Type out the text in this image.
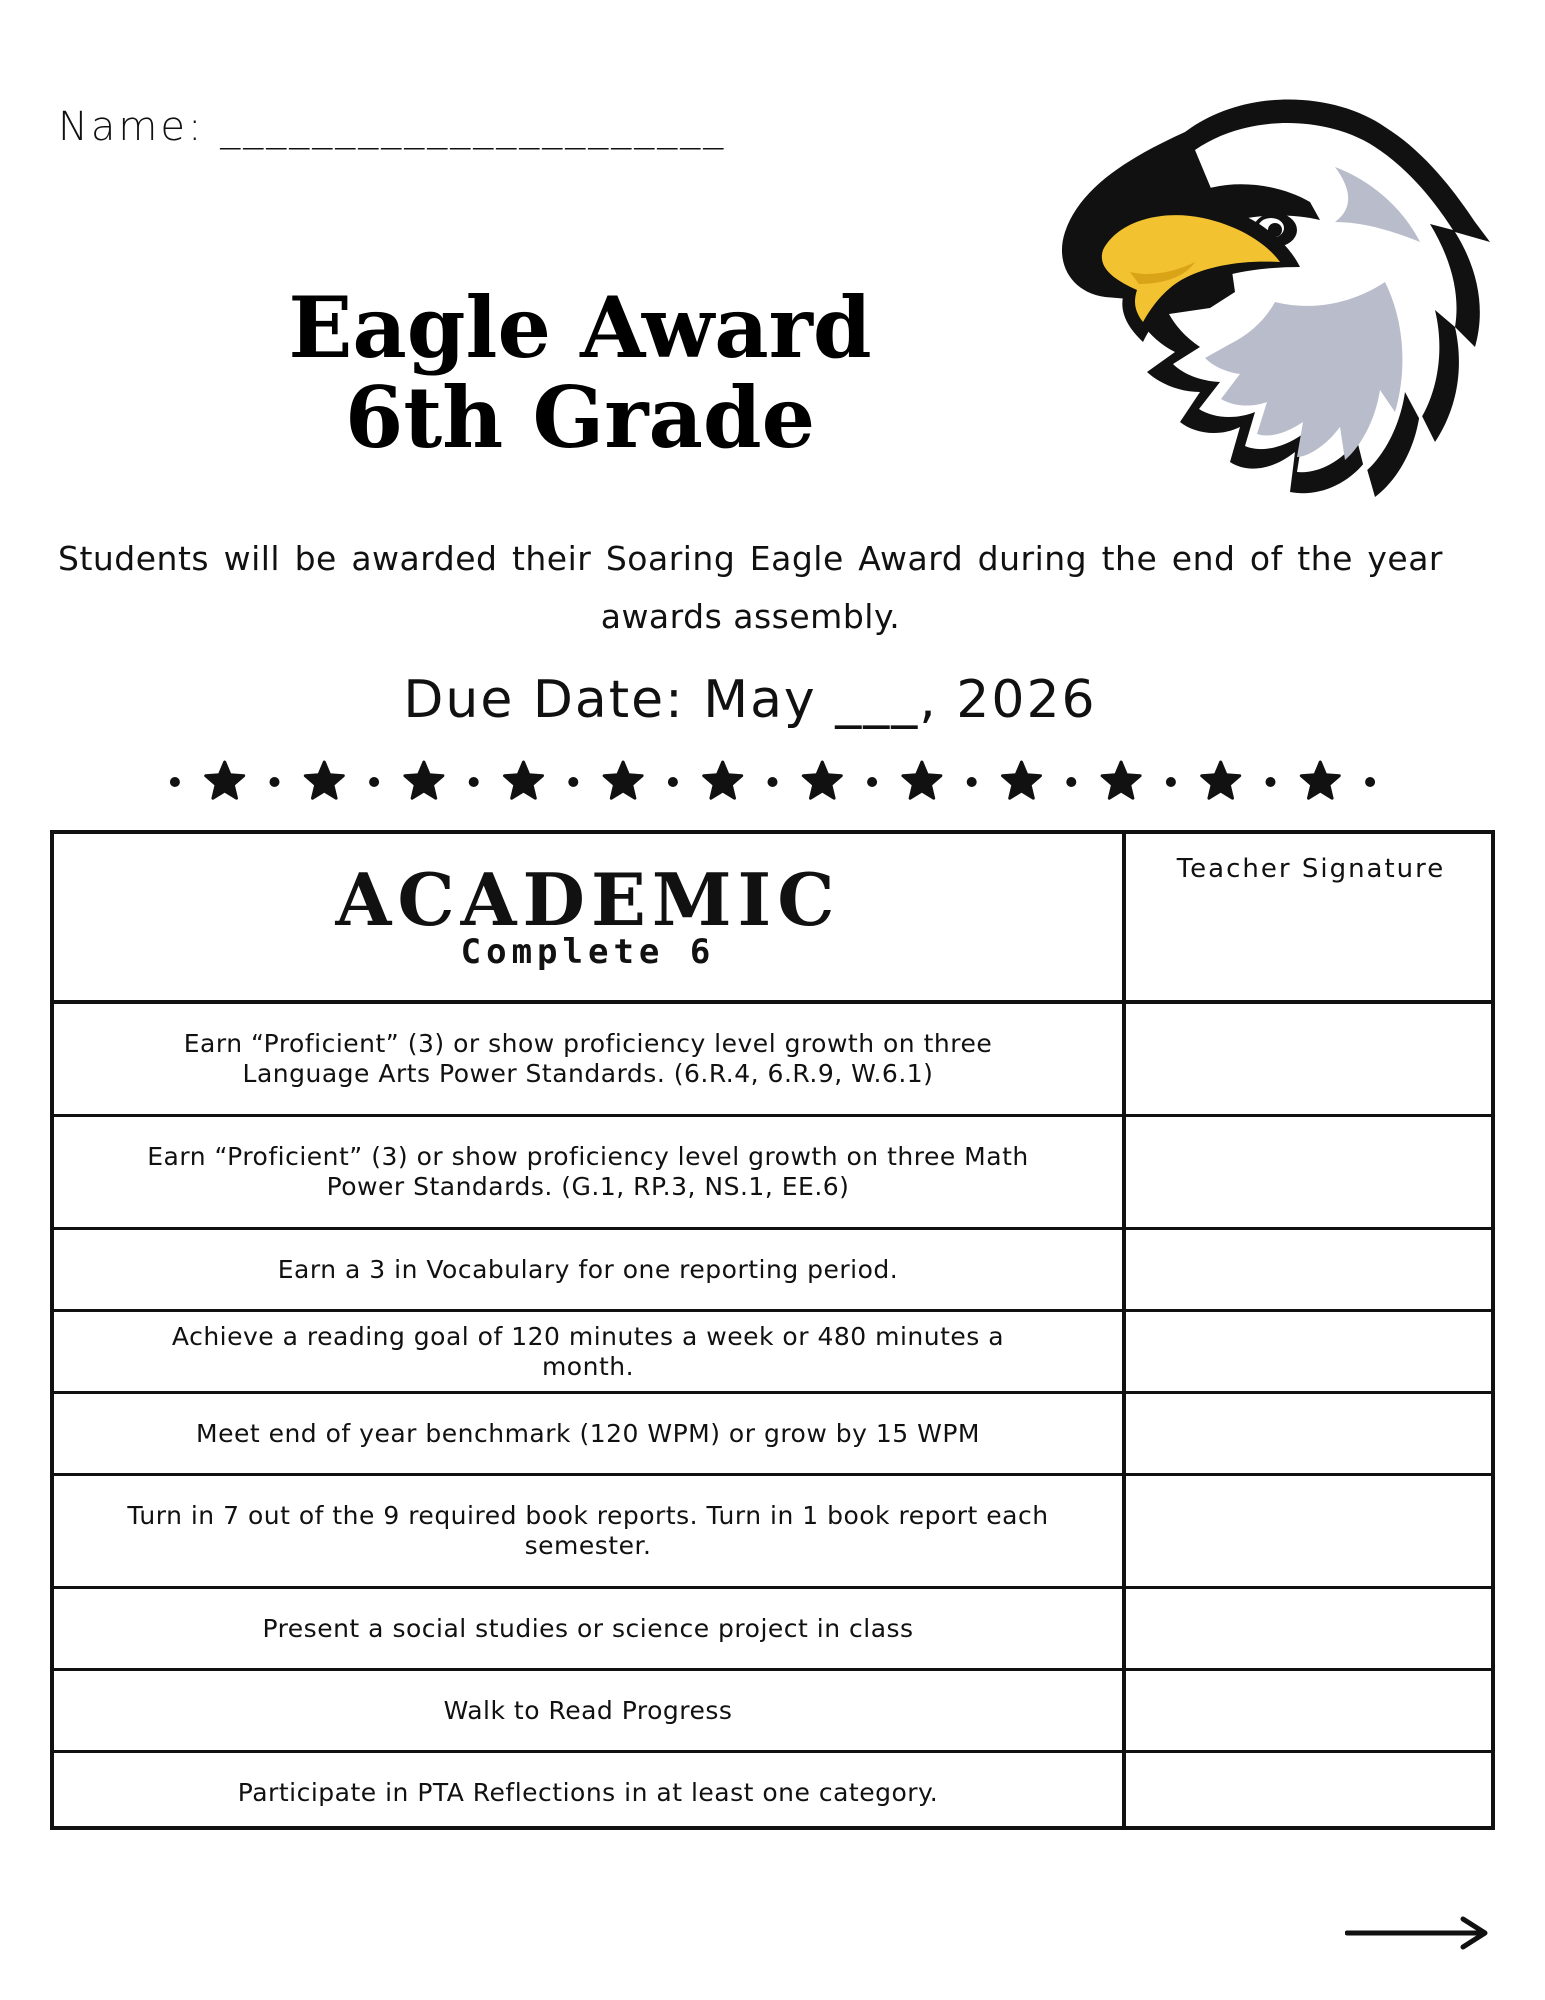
Name: ______________________
Eagle Award
6th Grade
Students will be awarded their Soaring Eagle Award during the end of the year awards assembly.
Due Date: May ___, 2026
ACADEMIC
Complete 6
Teacher Signature
Earn “Proficient” (3) or show proficiency level growth on three Language Arts Power Standards. (6.R.4, 6.R.9, W.6.1)
Earn “Proficient” (3) or show proficiency level growth on three Math Power Standards. (G.1, RP.3, NS.1, EE.6)
Earn a 3 in Vocabulary for one reporting period.
Achieve a reading goal of 120 minutes a week or 480 minutes a month.
Meet end of year benchmark (120 WPM) or grow by 15 WPM
Turn in 7 out of the 9 required book reports. Turn in 1 book report each semester.
Present a social studies or science project in class
Walk to Read Progress
Participate in PTA Reflections in at least one category.
